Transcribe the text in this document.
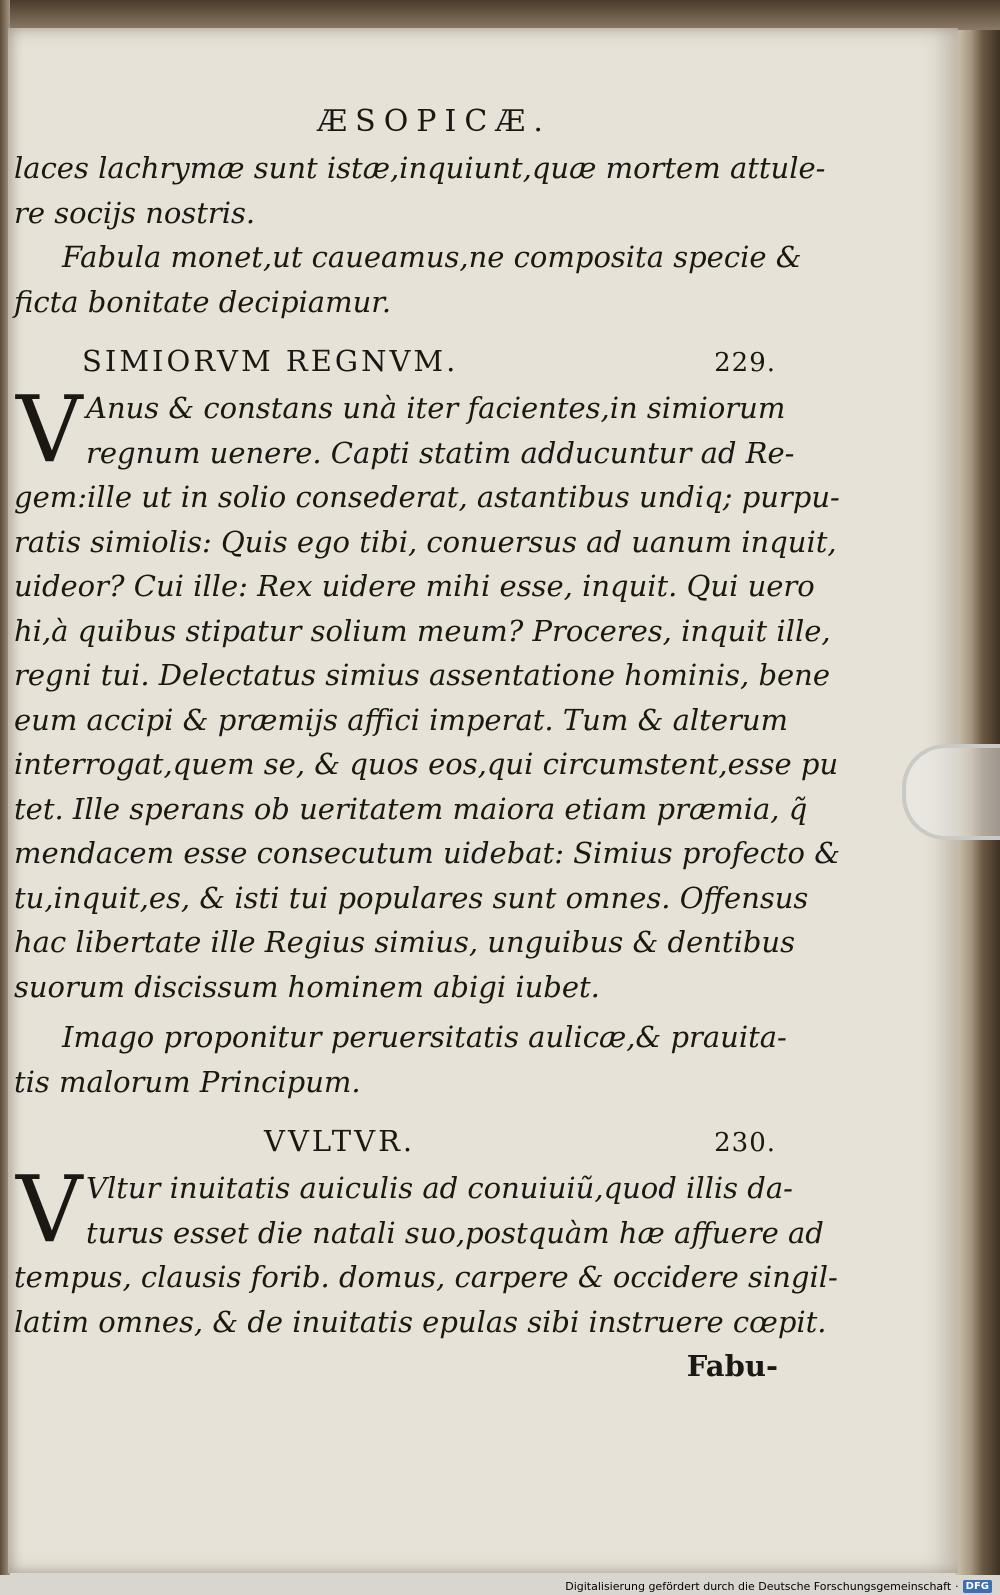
ÆSOPICÆ.
laces lachrymæ sunt istæ,inquiunt,quæ mortem attule-
re socijs nostris.
Fabula monet,ut caueamus,ne composita specie &
ficta bonitate decipiamur.
SIMIORVM REGNVM.	229.
V Anus & constans unà iter facientes,in simiorum
regnum uenere. Capti statim adducuntur ad Re-
gem:ille ut in solio consederat, astantibus undiq; purpu-
ratis simiolis: Quis ego tibi, conuersus ad uanum inquit,
uideor? Cui ille: Rex uidere mihi esse, inquit. Qui uero
hi,à quibus stipatur solium meum? Proceres, inquit ille,
regni tui. Delectatus simius assentatione hominis, bene
eum accipi & præmijs affici imperat. Tum & alterum
interrogat,quem se, & quos eos,qui circumstent,esse pu
tet. Ille sperans ob ueritatem maiora etiam præmia, q̃
mendacem esse consecutum uidebat: Simius profecto &
tu,inquit,es, & isti tui populares sunt omnes. Offensus
hac libertate ille Regius simius, unguibus & dentibus
suorum discissum hominem abigi iubet.
Imago proponitur peruersitatis aulicæ,& prauita-
tis malorum Principum.
VVLTVR.	230.
V Vltur inuitatis auiculis ad conuiuiũ,quod illis da-
turus esset die natali suo,postquàm hæ affuere ad
tempus, clausis forib. domus, carpere & occidere singil-
latim omnes, & de inuitatis epulas sibi instruere cœpit.
Fabu-
Digitalisierung gefördert durch die Deutsche Forschungsgemeinschaft · DFG
